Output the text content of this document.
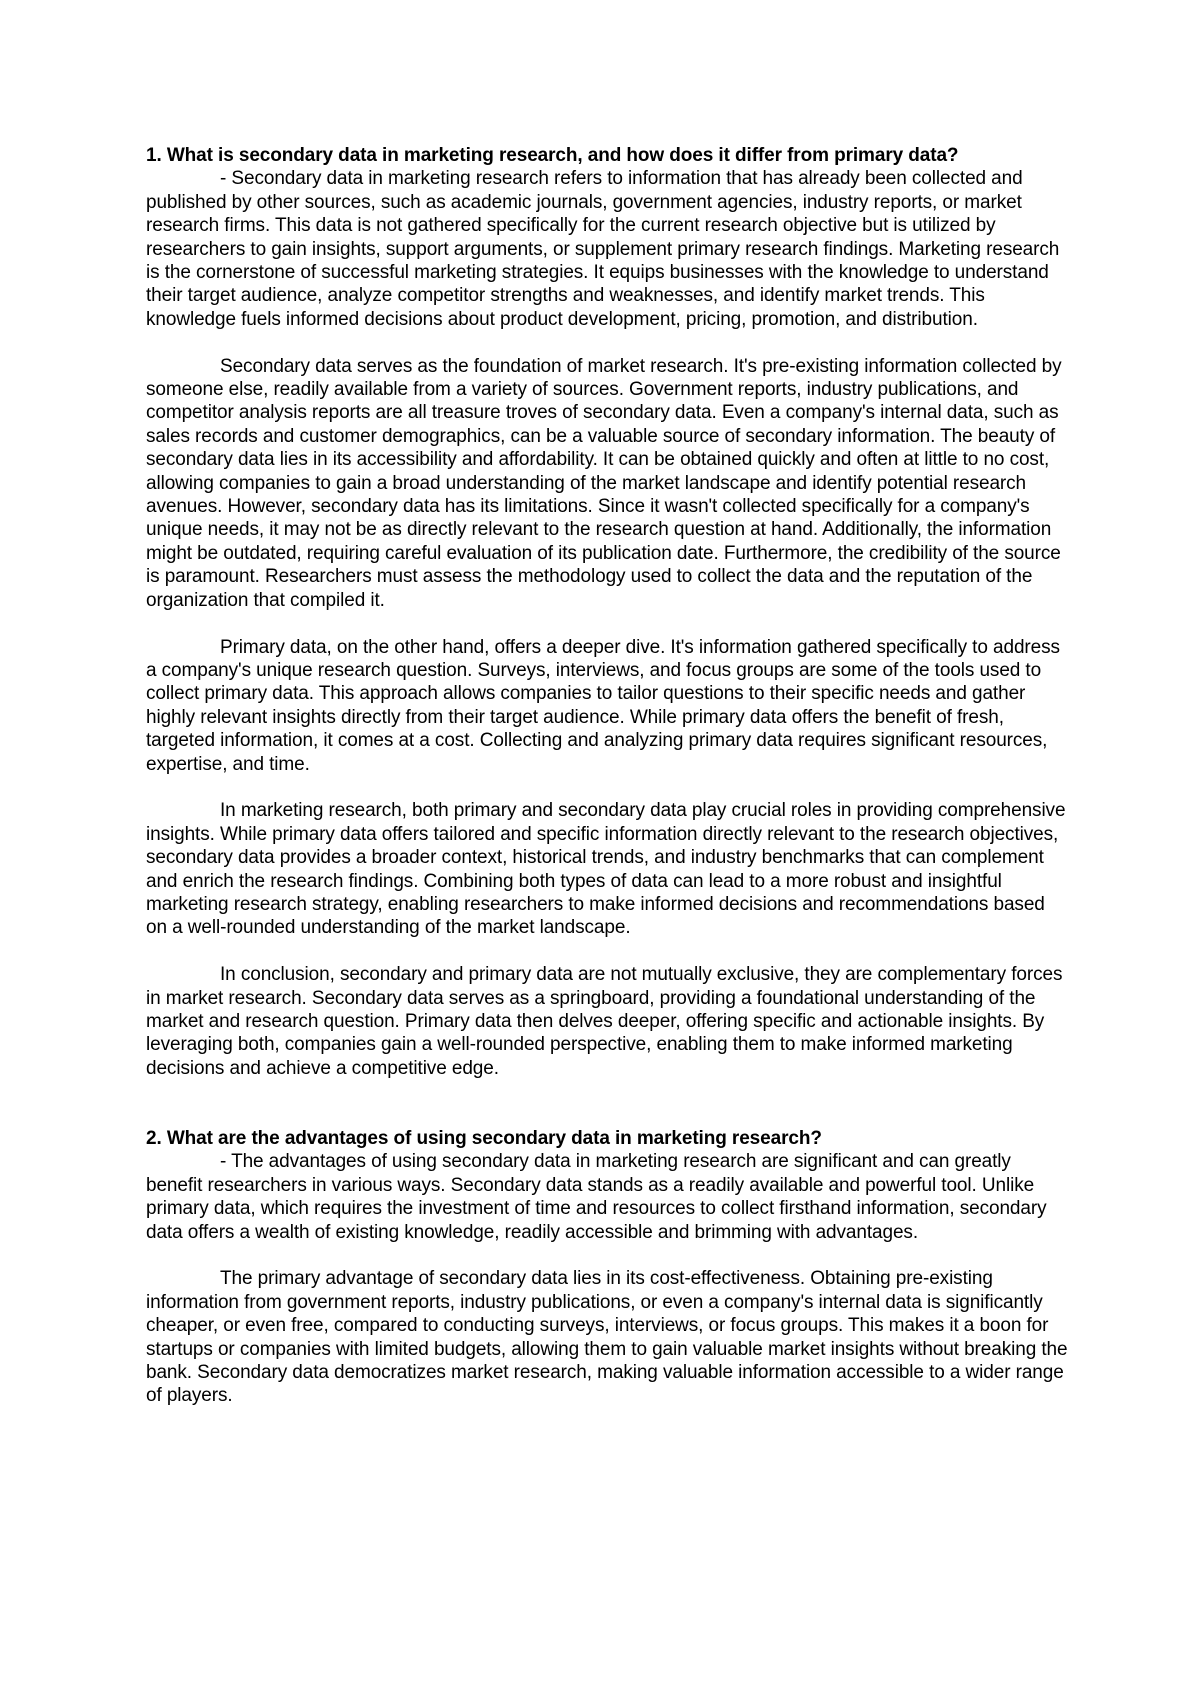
1. What is secondary data in marketing research, and how does it differ from primary data?

- Secondary data in marketing research refers to information that has already been collected and published by other sources, such as academic journals, government agencies, industry reports, or market research firms. This data is not gathered specifically for the current research objective but is utilized by researchers to gain insights, support arguments, or supplement primary research findings. Marketing research is the cornerstone of successful marketing strategies. It equips businesses with the knowledge to understand their target audience, analyze competitor strengths and weaknesses, and identify market trends. This knowledge fuels informed decisions about product development, pricing, promotion, and distribution.

Secondary data serves as the foundation of market research. It's pre-existing information collected by someone else, readily available from a variety of sources. Government reports, industry publications, and competitor analysis reports are all treasure troves of secondary data. Even a company's internal data, such as sales records and customer demographics, can be a valuable source of secondary information. The beauty of secondary data lies in its accessibility and affordability. It can be obtained quickly and often at little to no cost, allowing companies to gain a broad understanding of the market landscape and identify potential research avenues. However, secondary data has its limitations. Since it wasn't collected specifically for a company's unique needs, it may not be as directly relevant to the research question at hand. Additionally, the information might be outdated, requiring careful evaluation of its publication date. Furthermore, the credibility of the source is paramount. Researchers must assess the methodology used to collect the data and the reputation of the organization that compiled it.

Primary data, on the other hand, offers a deeper dive. It's information gathered specifically to address a company's unique research question. Surveys, interviews, and focus groups are some of the tools used to collect primary data. This approach allows companies to tailor questions to their specific needs and gather highly relevant insights directly from their target audience. While primary data offers the benefit of fresh, targeted information, it comes at a cost. Collecting and analyzing primary data requires significant resources, expertise, and time.

In marketing research, both primary and secondary data play crucial roles in providing comprehensive insights. While primary data offers tailored and specific information directly relevant to the research objectives, secondary data provides a broader context, historical trends, and industry benchmarks that can complement and enrich the research findings. Combining both types of data can lead to a more robust and insightful marketing research strategy, enabling researchers to make informed decisions and recommendations based on a well-rounded understanding of the market landscape.

In conclusion, secondary and primary data are not mutually exclusive, they are complementary forces in market research. Secondary data serves as a springboard, providing a foundational understanding of the market and research question. Primary data then delves deeper, offering specific and actionable insights. By leveraging both, companies gain a well-rounded perspective, enabling them to make informed marketing decisions and achieve a competitive edge.

2. What are the advantages of using secondary data in marketing research?

- The advantages of using secondary data in marketing research are significant and can greatly benefit researchers in various ways. Secondary data stands as a readily available and powerful tool. Unlike primary data, which requires the investment of time and resources to collect firsthand information, secondary data offers a wealth of existing knowledge, readily accessible and brimming with advantages.

The primary advantage of secondary data lies in its cost-effectiveness. Obtaining pre-existing information from government reports, industry publications, or even a company's internal data is significantly cheaper, or even free, compared to conducting surveys, interviews, or focus groups. This makes it a boon for startups or companies with limited budgets, allowing them to gain valuable market insights without breaking the bank. Secondary data democratizes market research, making valuable information accessible to a wider range of players.
